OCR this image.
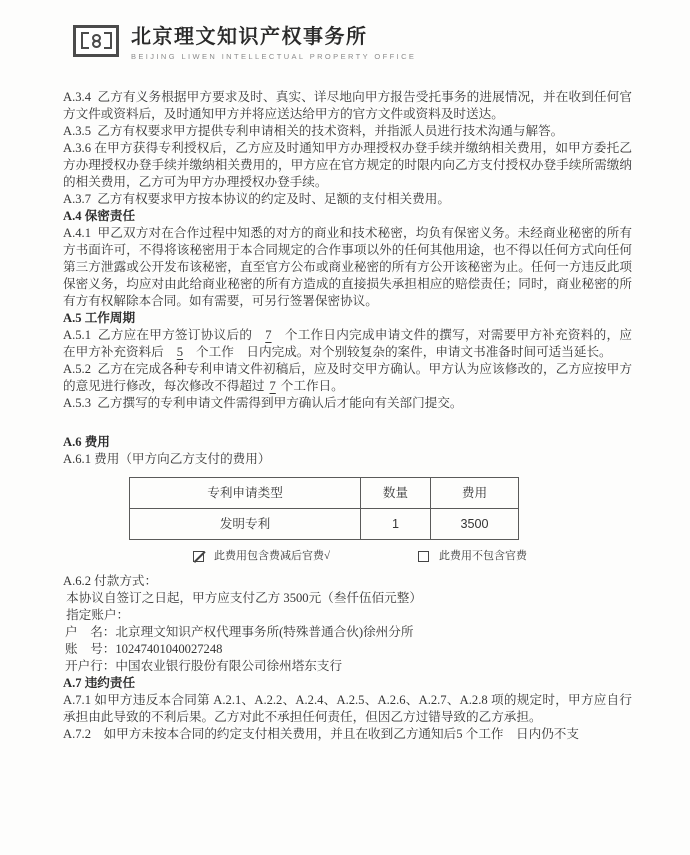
北京理文知识产权事务所
BEIJING LIWEN INTELLECTUAL PROPERTY OFFICE

A.3.4  乙方有义务根据甲方要求及时、真实、详尽地向甲方报告受托事务的进展情况，并在收到任何官方文件或资料后，及时通知甲方并将应送达给甲方的官方文件或资料及时送达。

A.3.5  乙方有权要求甲方提供专利申请相关的技术资料，并指派人员进行技术沟通与解答。

A.3.6 在甲方获得专利授权后，乙方应及时通知甲方办理授权办登手续并缴纳相关费用，如甲方委托乙方办理授权办登手续并缴纳相关费用的，甲方应在官方规定的时限内向乙方支付授权办登手续所需缴纳的相关费用，乙方可为甲方办理授权办登手续。

A.3.7  乙方有权要求甲方按本协议的约定及时、足额的支付相关费用。

A.4 保密责任

A.4.1  甲乙双方对在合作过程中知悉的对方的商业和技术秘密，均负有保密义务。未经商业秘密的所有方书面许可，不得将该秘密用于本合同规定的合作事项以外的任何其他用途，也不得以任何方式向任何第三方泄露或公开发布该秘密，直至官方公布或商业秘密的所有方公开该秘密为止。任何一方违反此项保密义务，均应对由此给商业秘密的所有方造成的直接损失承担相应的赔偿责任；同时，商业秘密的所有方有权解除本合同。如有需要，可另行签署保密协议。

A.5 工作周期

A.5.1  乙方应在甲方签订协议后的 7 个工作日内完成申请文件的撰写，对需要甲方补充资料的，应在甲方补充资料后 5 个工作　日内完成。对个别较复杂的案件，申请文书准备时间可适当延长。

A.5.2  乙方在完成各种专利申请文件初稿后，应及时交甲方确认。甲方认为应该修改的，乙方应按甲方的意见进行修改，每次修改不得超过 7 个工作日。

A.5.3  乙方撰写的专利申请文件需得到甲方确认后才能向有关部门提交。

A.6 费用

A.6.1 费用（甲方向乙方支付的费用）

专利申请类型	数量	费用
发明专利	1	3500
此费用包含费减后官费√	此费用不包含官费

A.6.2 付款方式：

本协议自签订之日起，甲方应支付乙方 3500元（叁仟伍佰元整）

指定账户：

户　名：北京理文知识产权代理事务所(特殊普通合伙)徐州分所

账　号：10247401040027248

开户行：中国农业银行股份有限公司徐州塔东支行

A.7 违约责任

A.7.1 如甲方违反本合同第 A.2.1、A.2.2、A.2.4、A.2.5、A.2.6、A.2.7、A.2.8 项的规定时，甲方应自行承担由此导致的不利后果。乙方对此不承担任何责任，但因乙方过错导致的乙方承担。

A.7.2    如甲方未按本合同的约定支付相关费用，并且在收到乙方通知后5 个工作　日内仍不支
